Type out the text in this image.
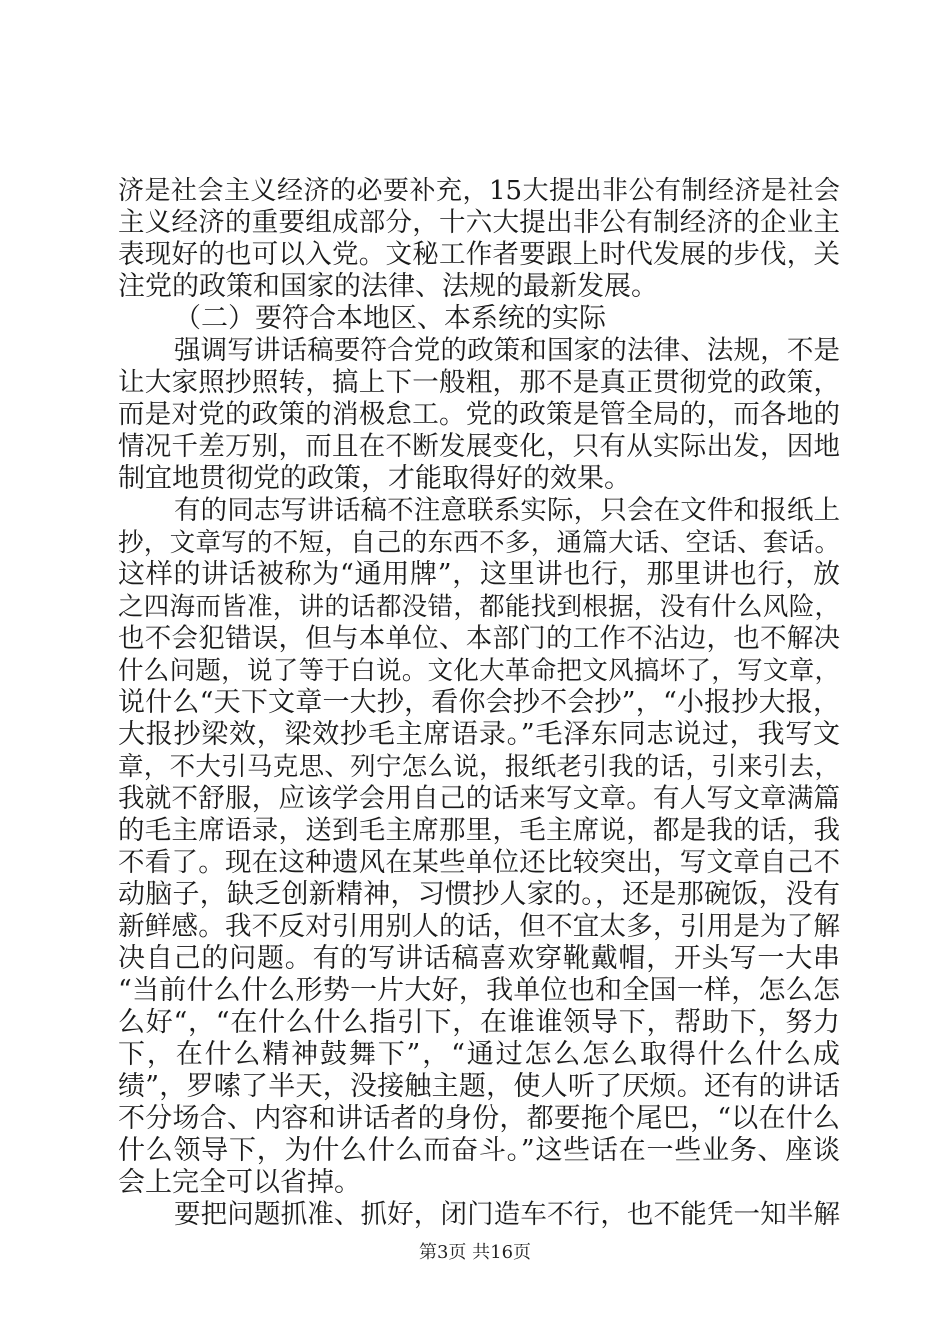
济是社会主义经济的必要补充，15大提出非公有制经济是社会
主义经济的重要组成部分，十六大提出非公有制经济的企业主
表现好的也可以入党。文秘工作者要跟上时代发展的步伐，关
注党的政策和国家的法律、法规的最新发展。
（二）要符合本地区、本系统的实际
强调写讲话稿要符合党的政策和国家的法律、法规，不是
让大家照抄照转，搞上下一般粗，那不是真正贯彻党的政策，
而是对党的政策的消极怠工。党的政策是管全局的，而各地的
情况千差万别，而且在不断发展变化，只有从实际出发，因地
制宜地贯彻党的政策，才能取得好的效果。
有的同志写讲话稿不注意联系实际，只会在文件和报纸上
抄，文章写的不短，自己的东西不多，通篇大话、空话、套话。
这样的讲话被称为“通用牌”，这里讲也行，那里讲也行，放
之四海而皆准，讲的话都没错，都能找到根据，没有什么风险，
也不会犯错误，但与本单位、本部门的工作不沾边，也不解决
什么问题，说了等于白说。文化大革命把文风搞坏了，写文章，
说什么“天下文章一大抄，看你会抄不会抄”，“小报抄大报，
大报抄梁效，梁效抄毛主席语录。”毛泽东同志说过，我写文
章，不大引马克思、列宁怎么说，报纸老引我的话，引来引去，
我就不舒服，应该学会用自己的话来写文章。有人写文章满篇
的毛主席语录，送到毛主席那里，毛主席说，都是我的话，我
不看了。现在这种遗风在某些单位还比较突出，写文章自己不
动脑子，缺乏创新精神，习惯抄人家的。，还是那碗饭，没有
新鲜感。我不反对引用别人的话，但不宜太多，引用是为了解
决自己的问题。有的写讲话稿喜欢穿靴戴帽，开头写一大串
“当前什么什么形势一片大好，我单位也和全国一样，怎么怎
么好“，“在什么什么指引下，在谁谁领导下，帮助下，努力
下，在什么精神鼓舞下”，“通过怎么怎么取得什么什么成
绩”，罗嗦了半天，没接触主题，使人听了厌烦。还有的讲话
不分场合、内容和讲话者的身份，都要拖个尾巴，“以在什么
什么领导下，为什么什么而奋斗。”这些话在一些业务、座谈
会上完全可以省掉。
要把问题抓准、抓好，闭门造车不行，也不能凭一知半解
第3页 共16页
